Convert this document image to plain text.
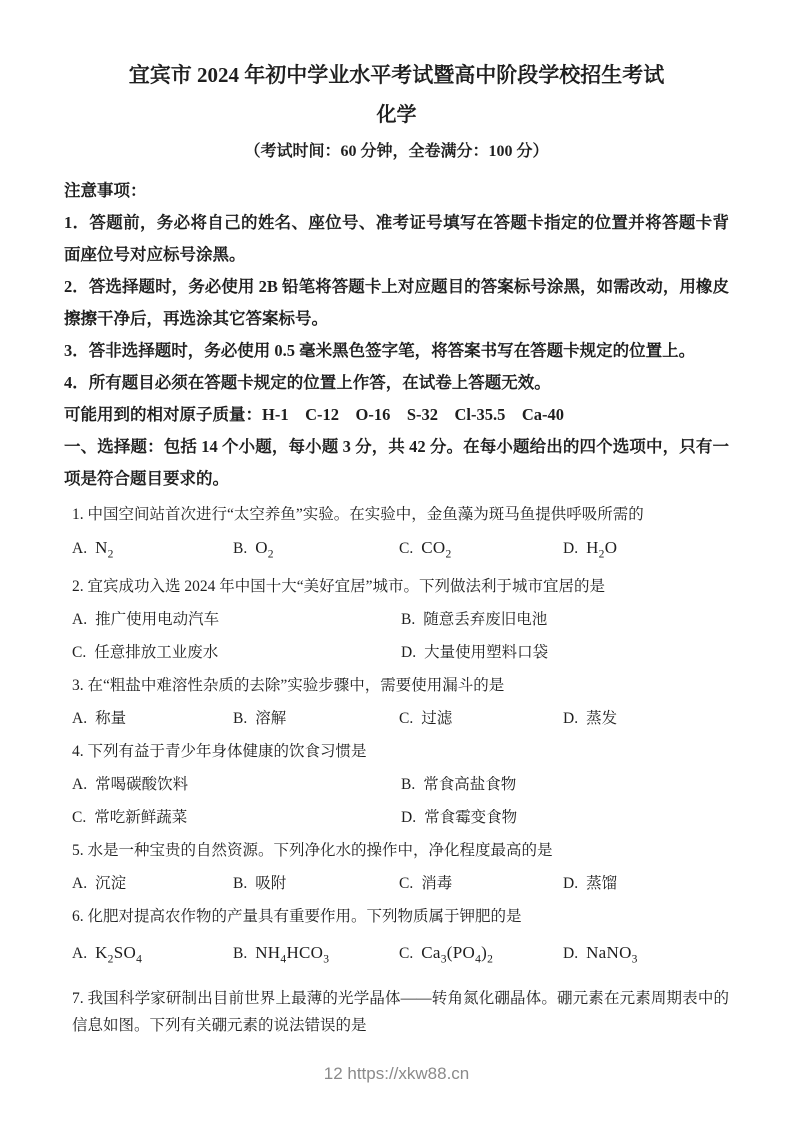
宜宾市 2024 年初中学业水平考试暨高中阶段学校招生考试

化学

（考试时间：60 分钟，全卷满分：100 分）

注意事项：

1．答题前，务必将自己的姓名、座位号、准考证号填写在答题卡指定的位置并将答题卡背面座位号对应标号涂黑。

2．答选择题时，务必使用 2B 铅笔将答题卡上对应题目的答案标号涂黑，如需改动，用橡皮擦擦干净后，再选涂其它答案标号。

3．答非选择题时，务必使用 0.5 毫米黑色签字笔，将答案书写在答题卡规定的位置上。

4．所有题目必须在答题卡规定的位置上作答，在试卷上答题无效。

可能用到的相对原子质量：H-1　C-12　O-16　S-32　Cl-35.5　Ca-40

一、选择题：包括 14 个小题，每小题 3 分，共 42 分。在每小题给出的四个选项中，只有一项是符合题目要求的。

1. 中国空间站首次进行“太空养鱼”实验。在实验中，金鱼藻为斑马鱼提供呼吸所需的
A. $N_2$	B. $O_2$	C. $CO_2$	D. $H_2O$
2. 宜宾成功入选 2024 年中国十大“美好宜居”城市。下列做法利于城市宜居的是
A. 推广使用电动汽车	B. 随意丢弃废旧电池
C. 任意排放工业废水	D. 大量使用塑料口袋
3. 在“粗盐中难溶性杂质的去除”实验步骤中，需要使用漏斗的是
A. 称量	B. 溶解	C. 过滤	D. 蒸发
4. 下列有益于青少年身体健康的饮食习惯是
A. 常喝碳酸饮料	B. 常食高盐食物
C. 常吃新鲜蔬菜	D. 常食霉变食物
5. 水是一种宝贵的自然资源。下列净化水的操作中，净化程度最高的是
A. 沉淀	B. 吸附	C. 消毒	D. 蒸馏
6. 化肥对提高农作物的产量具有重要作用。下列物质属于钾肥的是
A. $K_2SO_4$	B. $NH_4HCO_3$	C. $Ca_3(PO_4)_2$	D. NaNO$_3$
7. 我国科学家研制出目前世界上最薄的光学晶体——转角氮化硼晶体。硼元素在元素周期表中的信息如图。下列有关硼元素的说法错误的是
12 https://xkw88.cn
